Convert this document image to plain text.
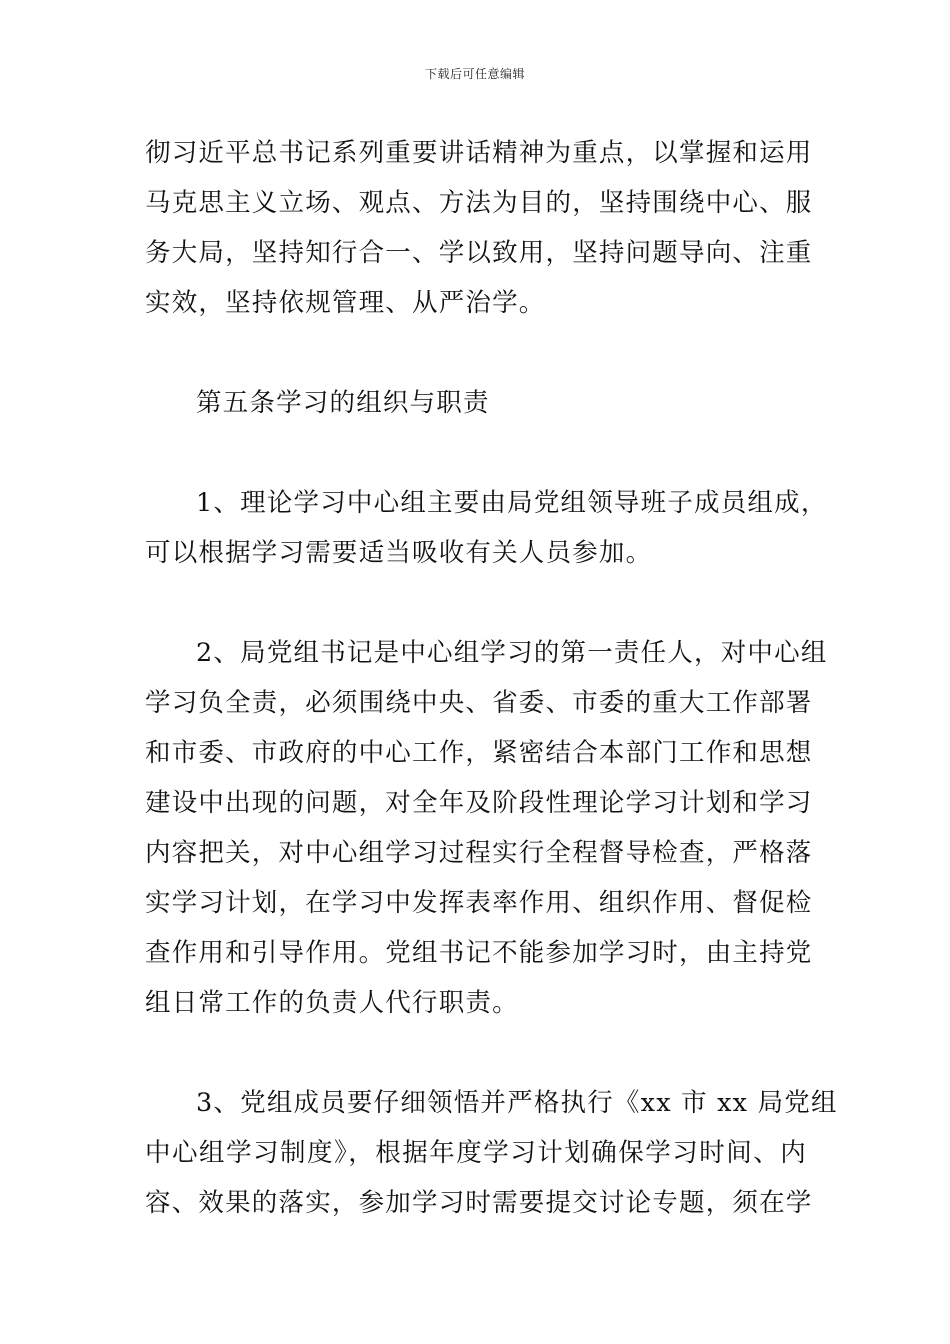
下载后可任意编辑
彻习近平总书记系列重要讲话精神为重点，以掌握和运用
马克思主义立场、观点、方法为目的，坚持围绕中心、服
务大局，坚持知行合一、学以致用，坚持问题导向、注重
实效，坚持依规管理、从严治学。
第五条学习的组织与职责
1、理论学习中心组主要由局党组领导班子成员组成，
可以根据学习需要适当吸收有关人员参加。
2、局党组书记是中心组学习的第一责任人，对中心组
学习负全责，必须围绕中央、省委、市委的重大工作部署
和市委、市政府的中心工作，紧密结合本部门工作和思想
建设中出现的问题，对全年及阶段性理论学习计划和学习
内容把关，对中心组学习过程实行全程督导检查，严格落
实学习计划，在学习中发挥表率作用、组织作用、督促检
查作用和引导作用。党组书记不能参加学习时，由主持党
组日常工作的负责人代行职责。
3、党组成员要仔细领悟并严格执行《xx 市 xx 局党组
中心组学习制度》，根据年度学习计划确保学习时间、内
容、效果的落实，参加学习时需要提交讨论专题，须在学
